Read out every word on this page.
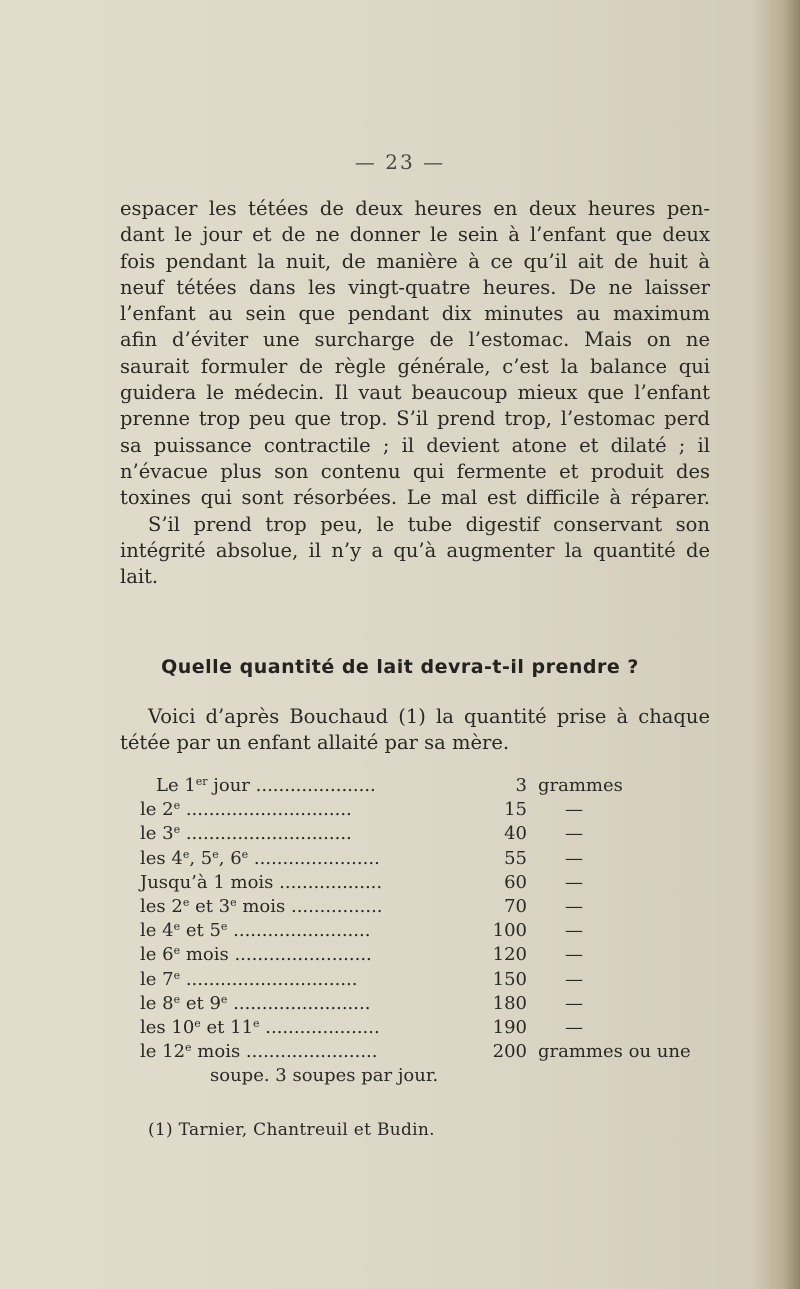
— 23 —
espacer les tétées de deux heures en deux heures pen-
dant le jour et de ne donner le sein à l’enfant que deux
fois pendant la nuit, de manière à ce qu’il ait de huit à
neuf tétées dans les vingt-quatre heures. De ne laisser
l’enfant au sein que pendant dix minutes au maximum
afin d’éviter une surcharge de l’estomac. Mais on ne
saurait formuler de règle générale, c’est la balance qui
guidera le médecin. Il vaut beaucoup mieux que l’enfant
prenne trop peu que trop. S’il prend trop, l’estomac perd
sa puissance contractile ; il devient atone et dilaté ; il
n’évacue plus son contenu qui fermente et produit des
toxines qui sont résorbées. Le mal est difficile à réparer.
S’il prend trop peu, le tube digestif conservant son
intégrité absolue, il n’y a qu’à augmenter la quantité de
lait.
Quelle quantité de lait devra-t-il prendre ?
Voici d’après Bouchaud (1) la quantité prise à chaque
tétée par un enfant allaité par sa mère.
Le 1er jour .....................	3 grammes
le 2e .............................	15 —
le 3e .............................	40 —
les 4e, 5e, 6e ......................	55 —
Jusqu’à 1 mois ..................	60 —
les 2e et 3e mois ................	70 —
le 4e et 5e ........................	100 —
le 6e mois ........................	120 —
le 7e ..............................	150 —
le 8e et 9e ........................	180 —
les 10e et 11e ....................	190 —
le 12e mois .......................	200 grammes ou une
soupe. 3 soupes par jour.
(1) Tarnier, Chantreuil et Budin.
